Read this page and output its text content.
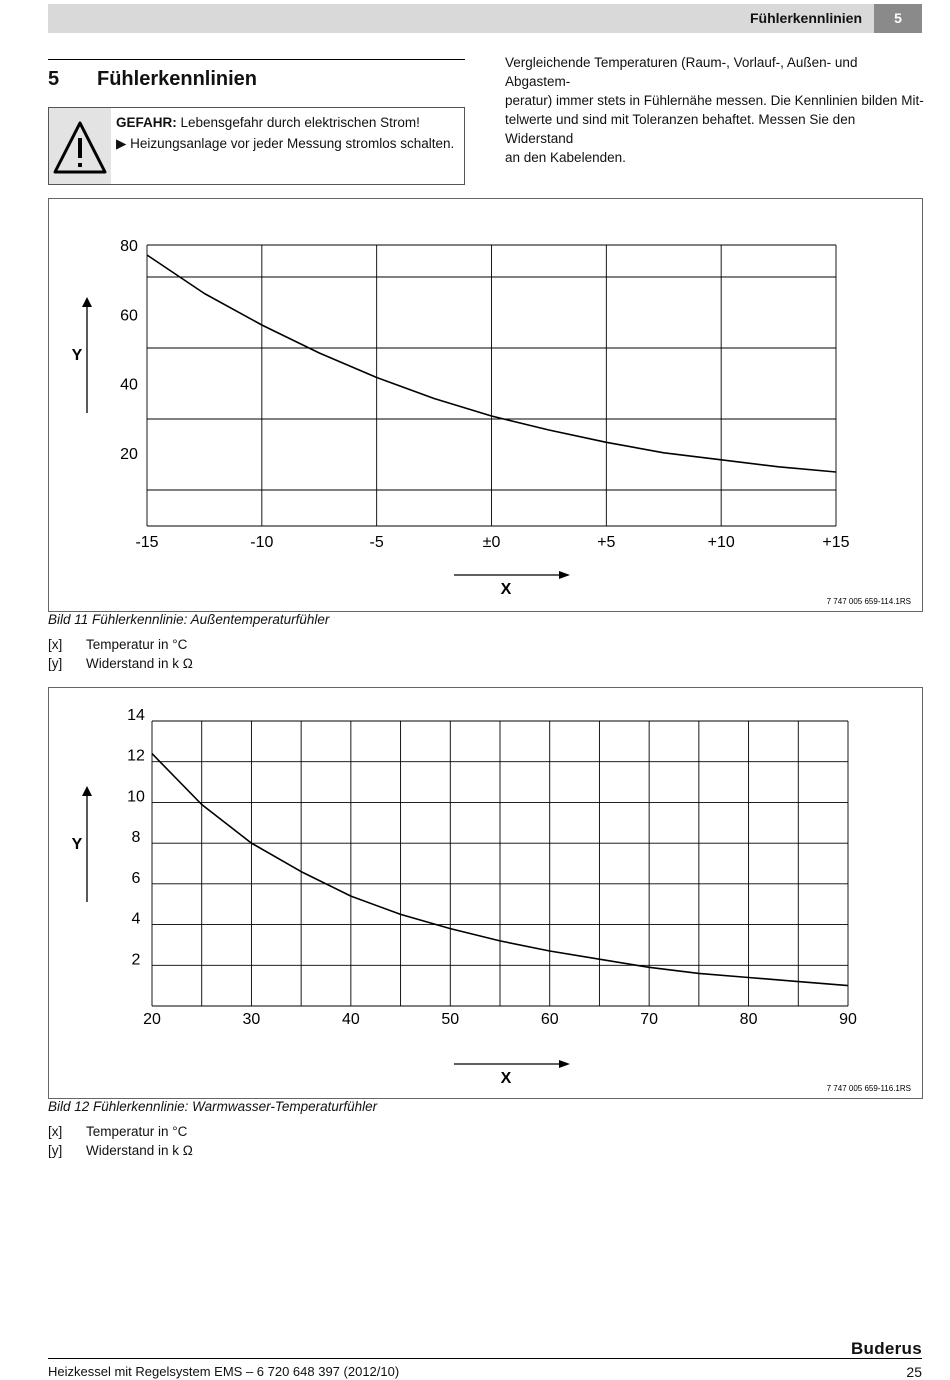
Fühlerkennlinien	5
5 Fühlerkennlinien
GEFAHR: Lebensgefahr durch elektrischen Strom!
▶ Heizungsanlage vor jeder Messung stromlos schalten.
Vergleichende Temperaturen (Raum-, Vorlauf-, Außen- und Abgastem-
peratur) immer stets in Fühlernähe messen. Die Kennlinien bilden Mit-
telwerte und sind mit Toleranzen behaftet. Messen Sie den Widerstand
an den Kabelenden.
-15	-10	-5	±0	+5	+10	+15
20
40
60
80
Y
X
7 747 005 659-114.1RS
Bild 11 Fühlerkennlinie: Außentemperaturfühler
[x] Temperatur in °C
[y] Widerstand in k Ω
20	30	40	50	60	70	80	90
2
4
6
8
10
12
14
Y
X
7 747 005 659-116.1RS
Bild 12 Fühlerkennlinie: Warmwasser-Temperaturfühler
[x] Temperatur in °C
[y] Widerstand in k Ω
Buderus
Heizkessel mit Regelsystem EMS – 6 720 648 397 (2012/10)	25
